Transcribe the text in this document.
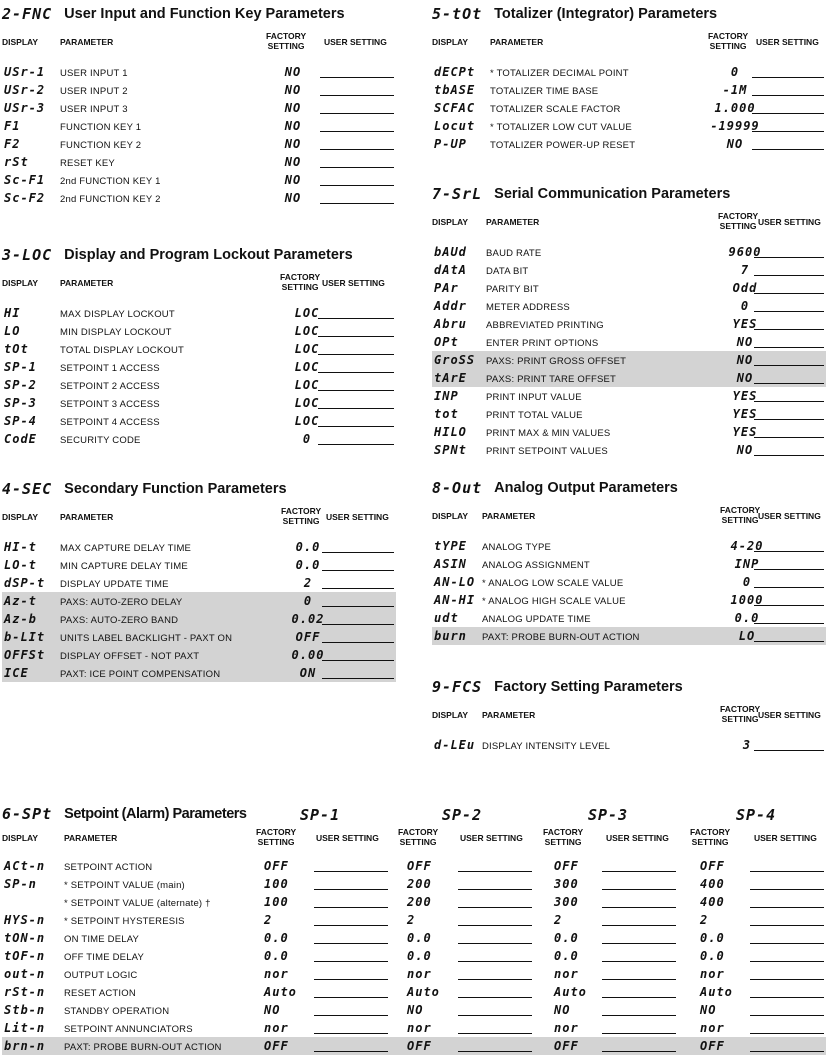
2-FNC User Input and Function Key Parameters
DISPLAY	PARAMETER
FACTORY
SETTING USER SETTING
USr-1 USER INPUT 1	NO
USr-2 USER INPUT 2	NO
USr-3 USER INPUT 3	NO
F1	FUNCTION KEY 1	NO
F2	FUNCTION KEY 2	NO
rSt	RESET KEY	NO
Sc-F1 2nd FUNCTION KEY 1	NO
Sc-F2 2nd FUNCTION KEY 2	NO
3-LOC Display and Program Lockout Parameters
DISPLAY	PARAMETER
FACTORY
SETTING USER SETTING
HI	MAX DISPLAY LOCKOUT	LOC
LO	MIN DISPLAY LOCKOUT	LOC
tOt	TOTAL DISPLAY LOCKOUT	LOC
SP-1 SETPOINT 1 ACCESS	LOC
SP-2 SETPOINT 2 ACCESS	LOC
SP-3 SETPOINT 3 ACCESS	LOC
SP-4 SETPOINT 4 ACCESS	LOC
CodE SECURITY CODE	0
4-SEC Secondary Function Parameters
DISPLAY	PARAMETER
FACTORY
SETTING USER SETTING
HI-t MAX CAPTURE DELAY TIME	0.0
LO-t MIN CAPTURE DELAY TIME	0.0
dSP-t DISPLAY UPDATE TIME	2
Az-t PAXS: AUTO-ZERO DELAY	0
Az-b PAXS: AUTO-ZERO BAND	0.02
b-LIt UNITS LABEL BACKLIGHT - PAXT ON	OFF
OFFSt DISPLAY OFFSET - NOT PAXT	0.00
ICE	PAXT: ICE POINT COMPENSATION	ON
5-tOt Totalizer (Integrator) Parameters
DISPLAY	PARAMETER
FACTORY
SETTING USER SETTING
dECPt * TOTALIZER DECIMAL POINT	0
tbASE TOTALIZER TIME BASE	-1M
SCFAC TOTALIZER SCALE FACTOR	1.000
Locut * TOTALIZER LOW CUT VALUE	-19999
P-UP TOTALIZER POWER-UP RESET	NO
7-SrL Serial Communication Parameters
DISPLAY PARAMETER
FACTORY
SETTING USER SETTING
bAUd BAUD RATE	9600
dAtA DATA BIT	7
PAr	PARITY BIT	Odd
Addr METER ADDRESS	0
Abru ABBREVIATED PRINTING	YES
OPt	ENTER PRINT OPTIONS	NO
GroSS PAXS: PRINT GROSS OFFSET	NO
tArE PAXS: PRINT TARE OFFSET	NO
INP	PRINT INPUT VALUE	YES
tot	PRINT TOTAL VALUE	YES
HILO PRINT MAX & MIN VALUES	YES
SPNt PRINT SETPOINT VALUES	NO
8-Out Analog Output Parameters
DISPLAY PARAMETER
FACTORY
SETTING USER SETTING
tYPE ANALOG TYPE	4-20
ASIN ANALOG ASSIGNMENT	INP
AN-LO * ANALOG LOW SCALE VALUE	0
AN-HI * ANALOG HIGH SCALE VALUE	1000
udt ANALOG UPDATE TIME	0.0
burn PAXT: PROBE BURN-OUT ACTION	LO
9-FCS Factory Setting Parameters
DISPLAY PARAMETER
FACTORY
SETTING USER SETTING
d-LEu DISPLAY INTENSITY LEVEL	3
6-SPt Setpoint (Alarm) Parameters	SP-1	SP-2	SP-3	SP-4
DISPLAY	PARAMETER
FACTORY
SETTING	USER SETTING
FACTORY
SETTING	USER SETTING
FACTORY
SETTING	USER SETTING
FACTORY
SETTING	USER SETTING
ACt-n SETPOINT ACTION	OFF	OFF	OFF	OFF
SP-n	* SETPOINT VALUE (main)	100	200	300	400
* SETPOINT VALUE (alternate) †	100	200	300	400
HYS-n * SETPOINT HYSTERESIS	2	2	2	2
tON-n ON TIME DELAY	0.0	0.0	0.0	0.0
tOF-n OFF TIME DELAY	0.0	0.0	0.0	0.0
out-n OUTPUT LOGIC	nor	nor	nor	nor
rSt-n RESET ACTION	Auto	Auto	Auto	Auto
Stb-n STANDBY OPERATION	NO	NO	NO	NO
Lit-n SETPOINT ANNUNCIATORS	nor	nor	nor	nor
brn-n PAXT: PROBE BURN-OUT ACTION	OFF	OFF	OFF	OFF
